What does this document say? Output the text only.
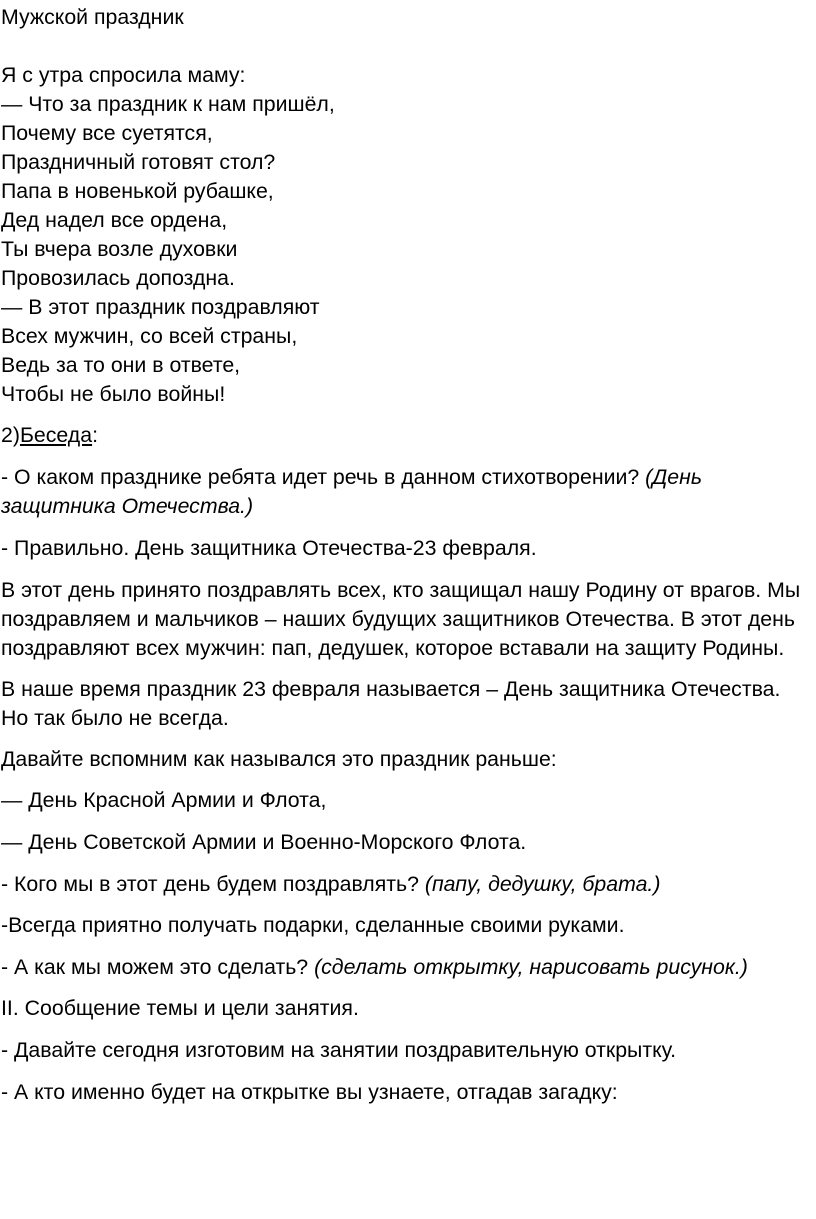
Мужской праздник

Я с утра спросила маму:

— Что за праздник к нам пришёл,

Почему все суетятся,

Праздничный готовят стол?

Папа в новенькой рубашке,

Дед надел все ордена,

Ты вчера возле духовки

Провозилась допоздна.

— В этот праздник поздравляют

Всех мужчин, со всей страны,

Ведь за то они в ответе,

Чтобы не было войны!

2)Беседа:

- О каком празднике ребята идет речь в данном стихотворении? (День защитника Отечества.)

- Правильно. День защитника Отечества-23 февраля.

В этот день принято поздравлять всех, кто защищал нашу Родину от врагов. Мы поздравляем и мальчиков – наших будущих защитников Отечества. В этот день поздравляют всех мужчин: пап, дедушек, которое вставали на защиту Родины.

В наше время праздник 23 февраля называется – День защитника Отечества. Но так было не всегда.

Давайте вспомним как назывался это праздник раньше:

— День Красной Армии и Флота,

— День Советской Армии и Военно-Морского Флота.

- Кого мы в этот день будем поздравлять? (папу, дедушку, брата.)

-Всегда приятно получать подарки, сделанные своими руками.

- А как мы можем это сделать? (сделать открытку, нарисовать рисунок.)

II. Сообщение темы и цели занятия.

- Давайте сегодня изготовим на занятии поздравительную открытку.

- А кто именно будет на открытке вы узнаете, отгадав загадку:
